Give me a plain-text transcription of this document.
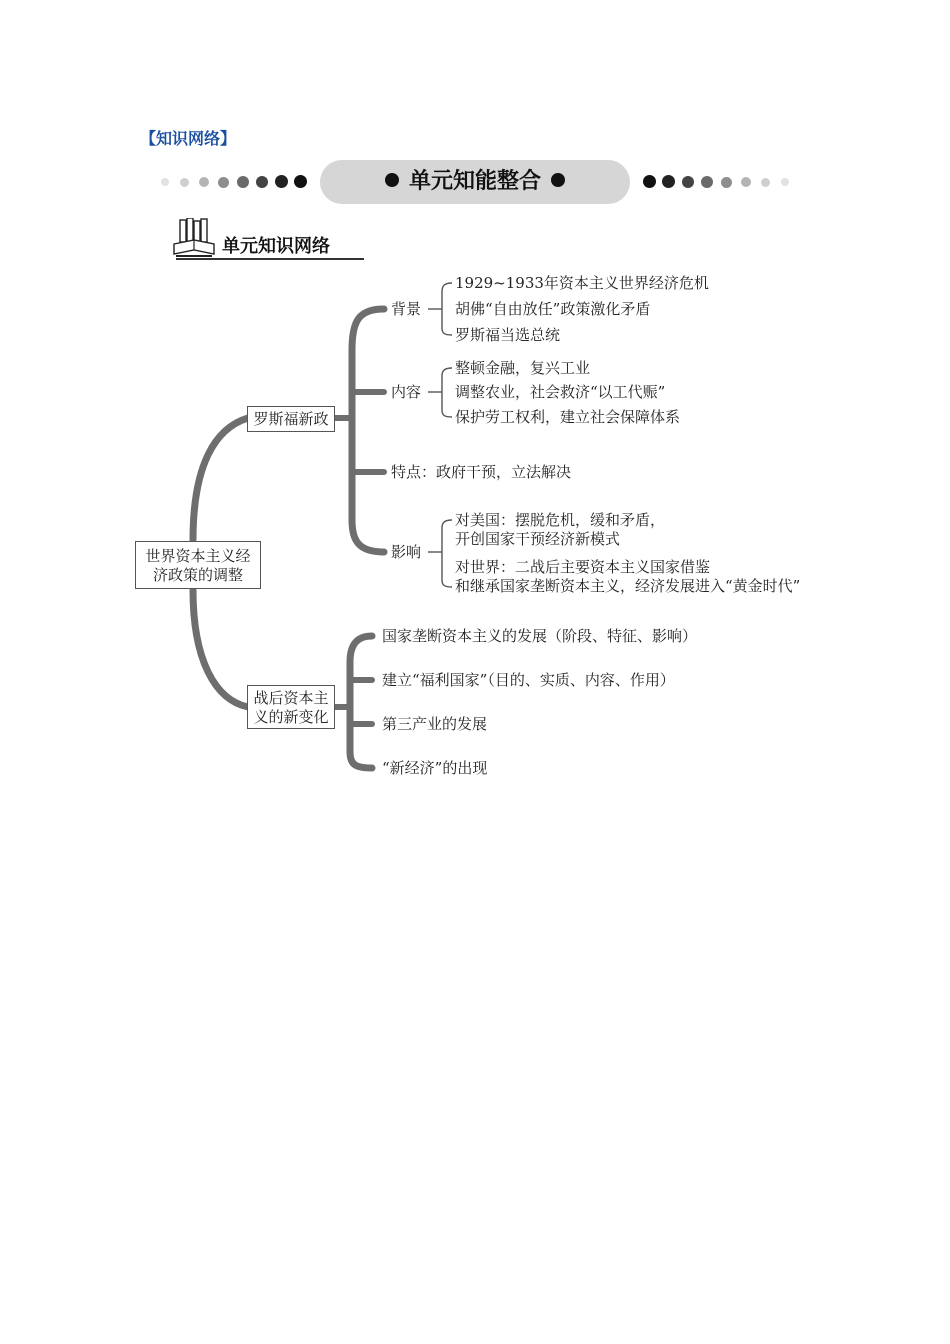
【知识网络】
单元知能整合
单元知识网络
世界资本主义经
济政策的调整
罗斯福新政
战后资本主
义的新变化
背景
1929~1933年资本主义世界经济危机
胡佛“自由放任”政策激化矛盾
罗斯福当选总统
内容
整顿金融，复兴工业
调整农业，社会救济“以工代赈”
保护劳工权利，建立社会保障体系
特点：政府干预，立法解决
影响
对美国：摆脱危机，缓和矛盾，
开创国家干预经济新模式
对世界：二战后主要资本主义国家借鉴
和继承国家垄断资本主义，经济发展进入“黄金时代”
国家垄断资本主义的发展（阶段、特征、影响）
建立“福利国家”（目的、实质、内容、作用）
第三产业的发展
“新经济”的出现
